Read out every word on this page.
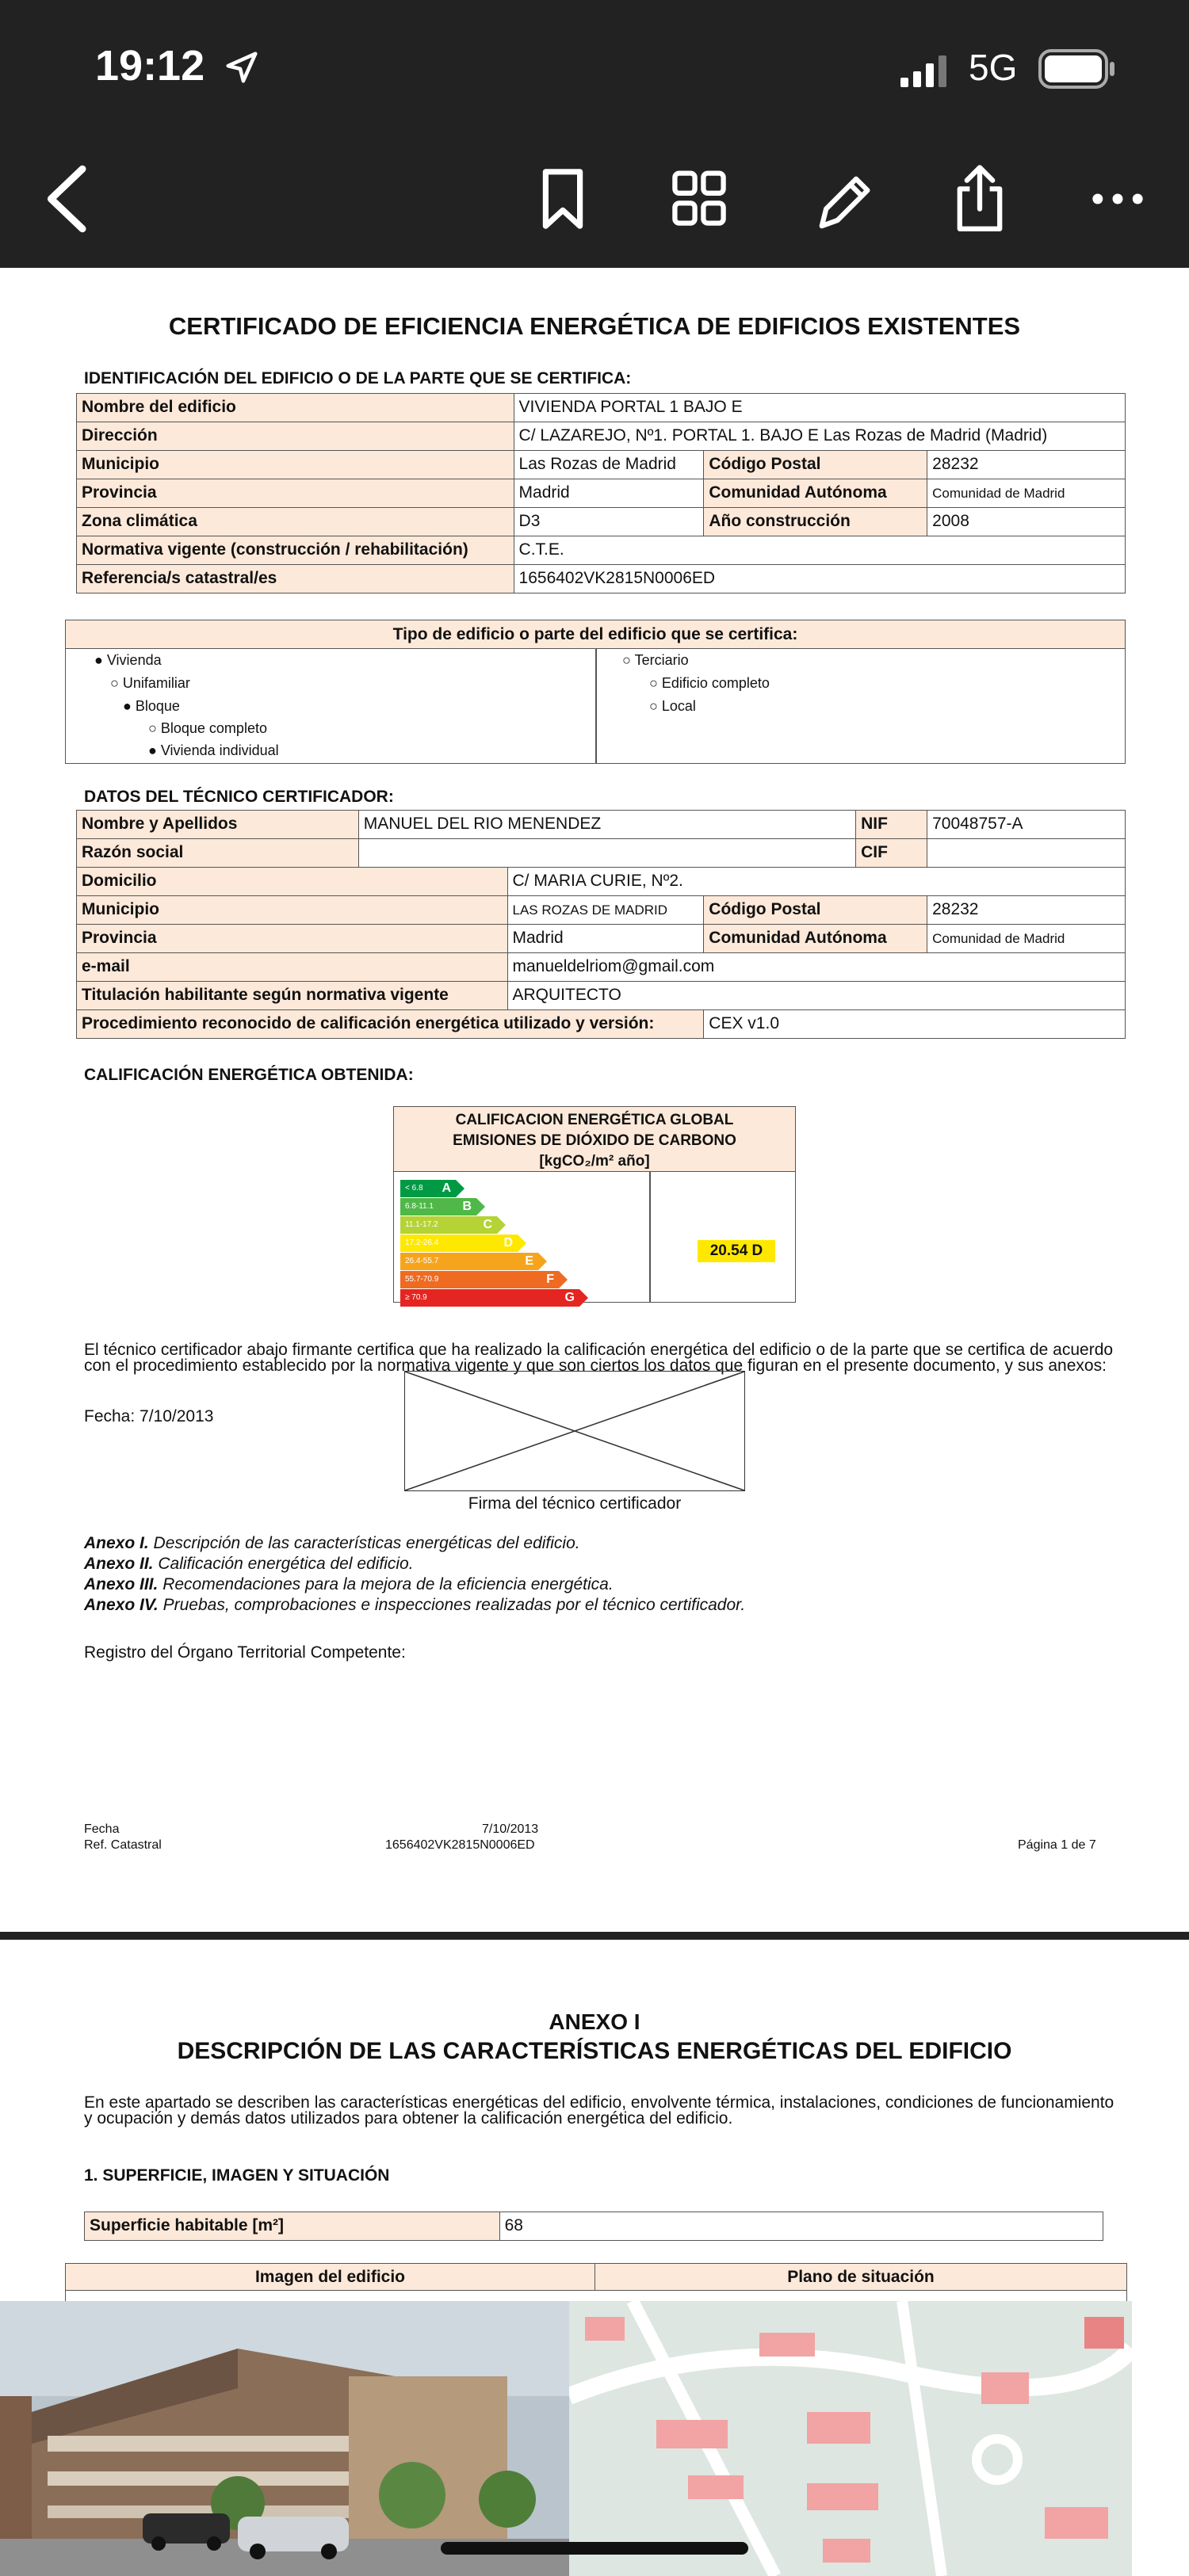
19:12	5G
CERTIFICADO DE EFICIENCIA ENERGÉTICA DE EDIFICIOS EXISTENTES
IDENTIFICACIÓN DEL EDIFICIO O DE LA PARTE QUE SE CERTIFICA:
Nombre del edificio	VIVIENDA PORTAL 1 BAJO E		
Dirección	C/ LAZAREJO, Nº1. PORTAL 1. BAJO E Las Rozas de Madrid (Madrid)		
Municipio	Las Rozas de Madrid	Código Postal	28232
Provincia	Madrid	Comunidad Autónoma	Comunidad de Madrid
Zona climática	D3	Año construcción	2008
Normativa vigente (construcción / rehabilitación)	C.T.E.		
Referencia/s catastral/es	1656402VK2815N0006ED		
Tipo de edificio o parte del edificio que se certifica:
● Vivienda
○ Unifamiliar
● Bloque
○ Bloque completo
● Vivienda individual
○ Terciario
○ Edificio completo
○ Local
DATOS DEL TÉCNICO CERTIFICADOR:
Nombre y Apellidos	MANUEL DEL RIO MENENDEZ			NIF	70048757-A
Razón social				CIF	
Domicilio		C/ MARIA CURIE, Nº2.			
Municipio		LAS ROZAS DE MADRID	Código Postal		28232
Provincia		Madrid	Comunidad Autónoma		Comunidad de Madrid
e-mail		manueldelriom@gmail.com			
Titulación habilitante según normativa vigente		ARQUITECTO			
Procedimiento reconocido de calificación energética utilizado y versión:			CEX v1.0		
CALIFICACIÓN ENERGÉTICA OBTENIDA:
CALIFICACION ENERGÉTICA GLOBAL
EMISIONES DE DIÓXIDO DE CARBONO
[kgCO₂/m² año]
< 6.8 A
6.8-11.1 B
11.1-17.2	C
17.2-26.4	D
26.4-55.7	E
55.7-70.9	F
≥ 70.9	G
20.54 D
El técnico certificador abajo firmante certifica que ha realizado la calificación energética del edificio o de la parte que se certifica de acuerdo con el procedimiento establecido por la normativa vigente y que son ciertos los datos que figuran en el presente documento, y sus anexos:
Fecha: 7/10/2013
Firma del técnico certificador
Anexo I. Descripción de las características energéticas del edificio.
Anexo II. Calificación energética del edificio.
Anexo III. Recomendaciones para la mejora de la eficiencia energética.
Anexo IV. Pruebas, comprobaciones e inspecciones realizadas por el técnico certificador.
Registro del Órgano Territorial Competente:
Fecha
Ref. Catastral
7/10/2013
1656402VK2815N0006ED	Página 1 de 7
ANEXO I
DESCRIPCIÓN DE LAS CARACTERÍSTICAS ENERGÉTICAS DEL EDIFICIO
En este apartado se describen las características energéticas del edificio, envolvente térmica, instalaciones, condiciones de funcionamiento y ocupación y demás datos utilizados para obtener la calificación energética del edificio.
1. SUPERFICIE, IMAGEN Y SITUACIÓN
Superficie habitable [m²]	68
Imagen del edificio	Plano de situación
